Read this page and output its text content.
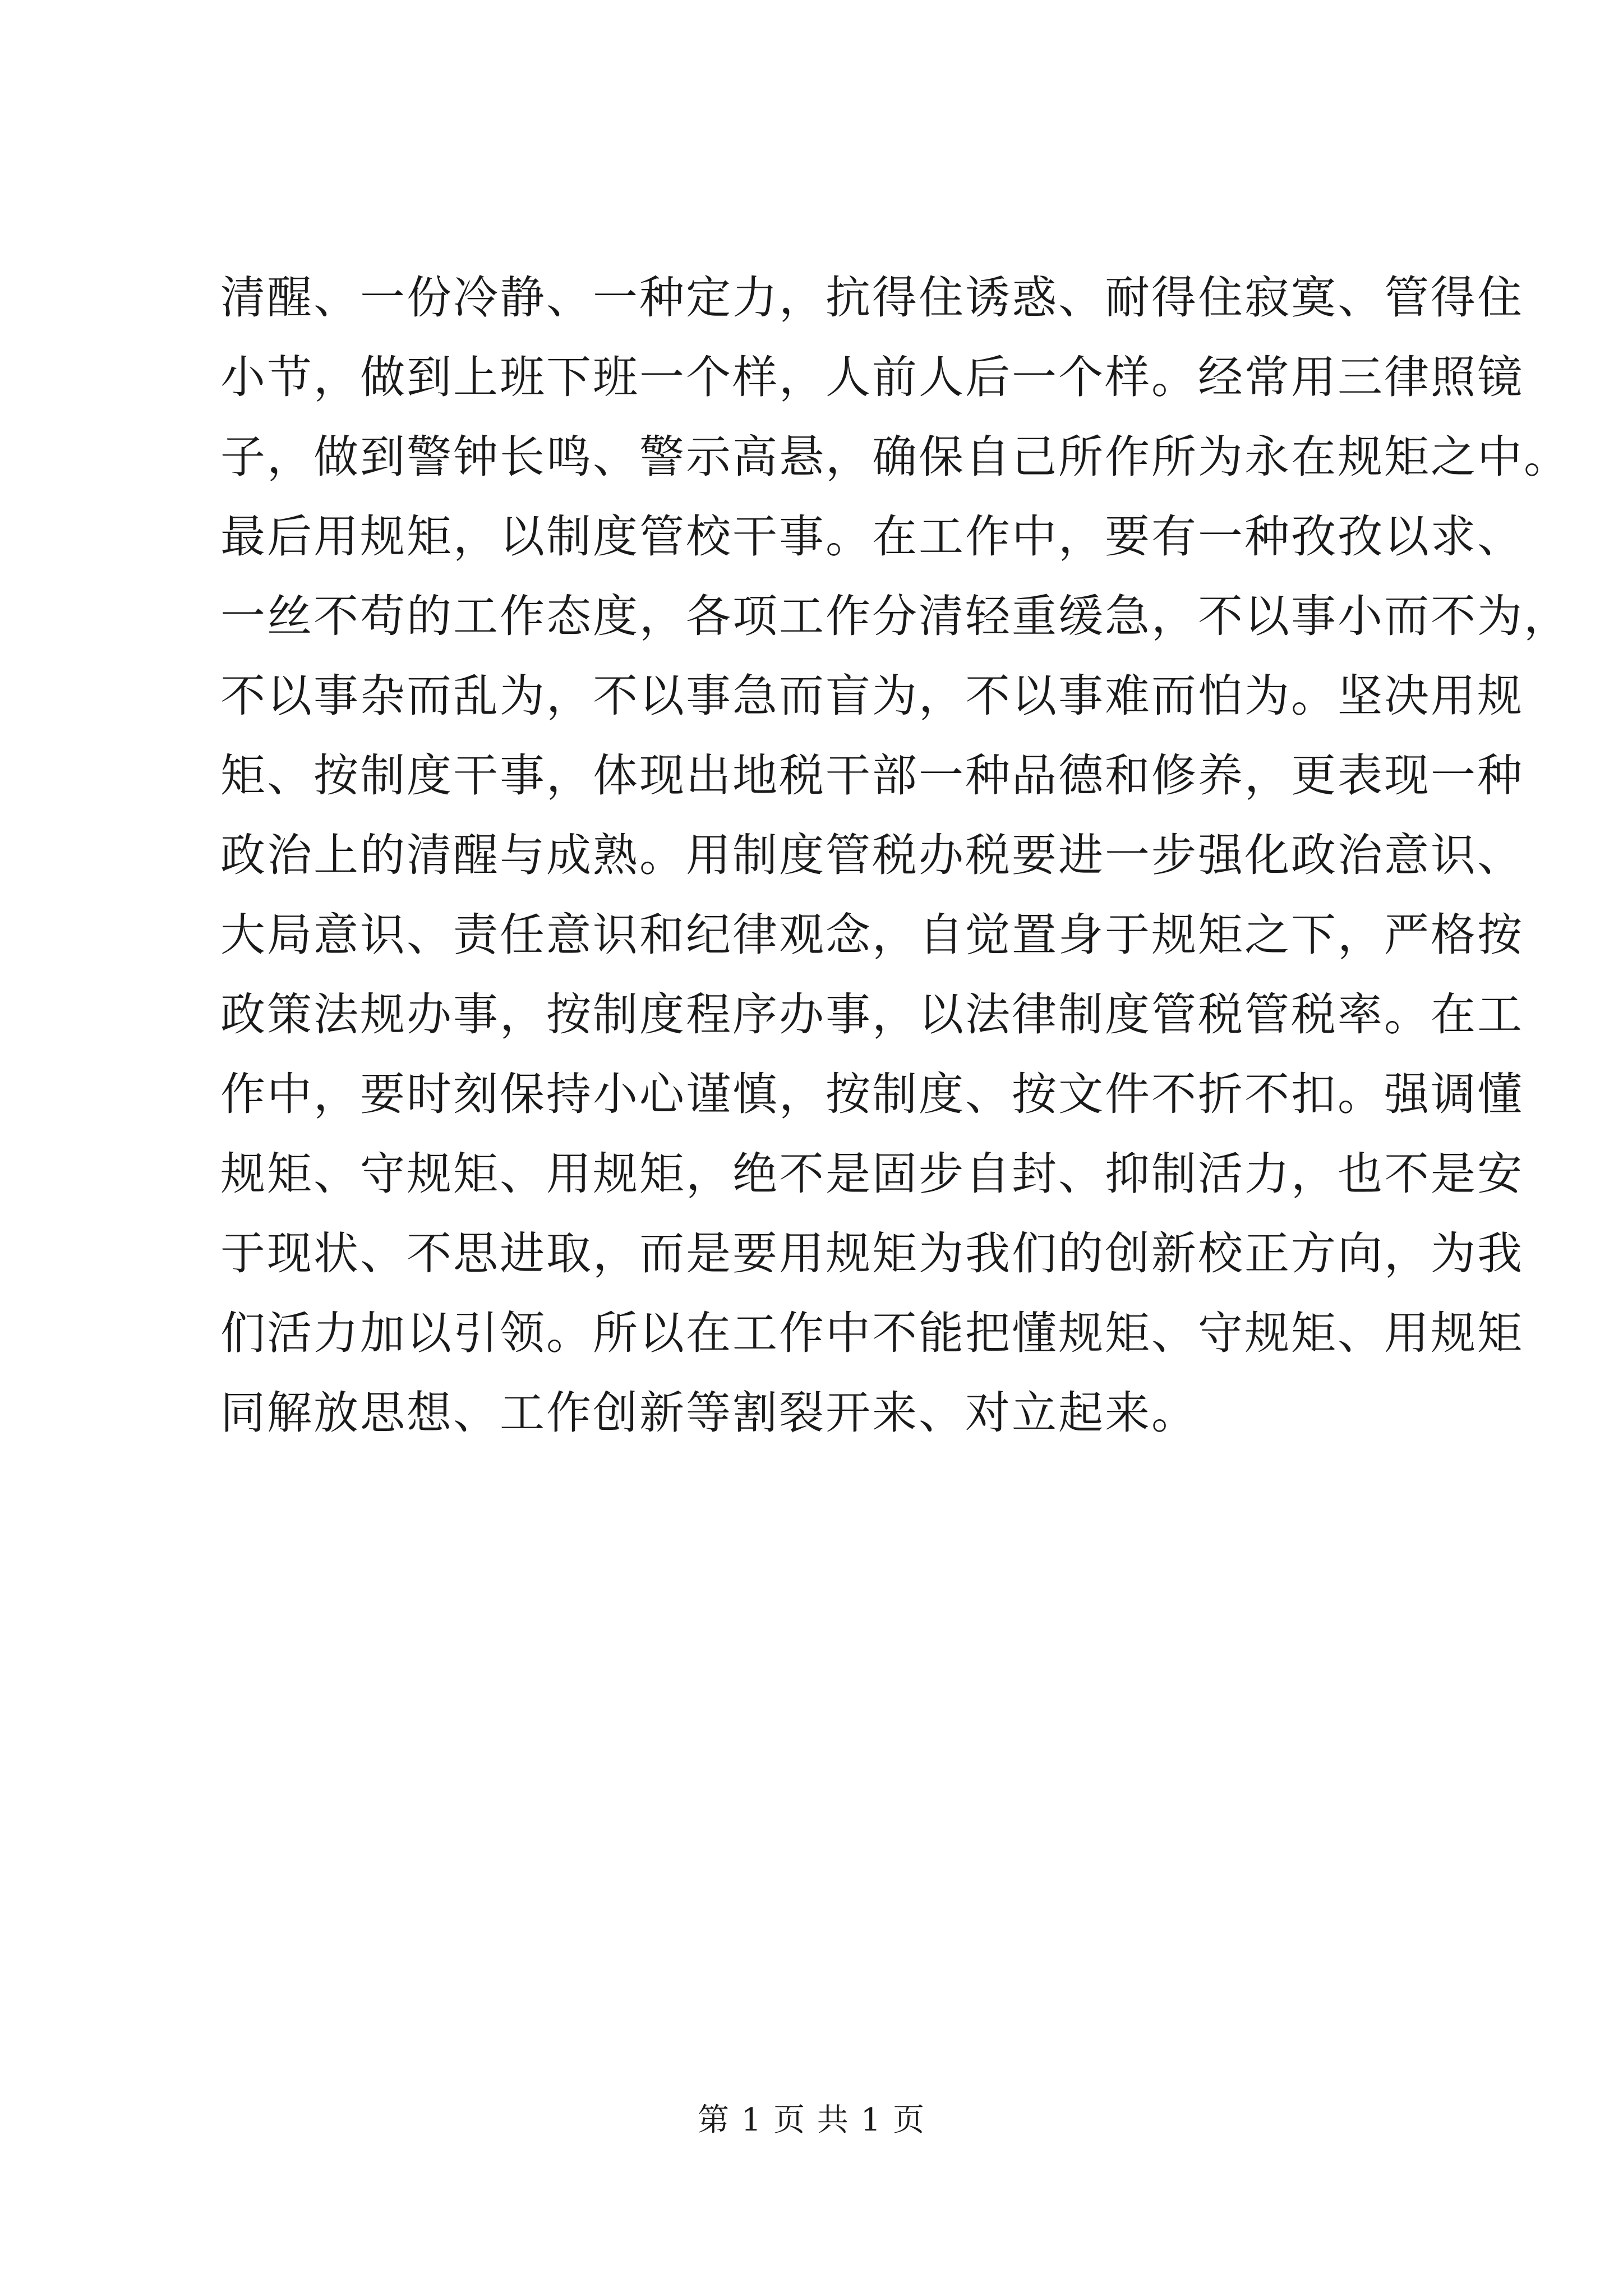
清醒、一份冷静、一种定力，抗得住诱惑、耐得住寂寞、管得住
小节，做到上班下班一个样，人前人后一个样。经常用三律照镜
子，做到警钟长鸣、警示高悬，确保自己所作所为永在规矩之中。
最后用规矩，以制度管校干事。在工作中，要有一种孜孜以求、
一丝不苟的工作态度，各项工作分清轻重缓急，不以事小而不为，
不以事杂而乱为，不以事急而盲为，不以事难而怕为。坚决用规
矩、按制度干事，体现出地税干部一种品德和修养，更表现一种
政治上的清醒与成熟。用制度管税办税要进一步强化政治意识、
大局意识、责任意识和纪律观念，自觉置身于规矩之下，严格按
政策法规办事，按制度程序办事，以法律制度管税管税率。在工
作中，要时刻保持小心谨慎，按制度、按文件不折不扣。强调懂
规矩、守规矩、用规矩，绝不是固步自封、抑制活力，也不是安
于现状、不思进取，而是要用规矩为我们的创新校正方向，为我
们活力加以引领。所以在工作中不能把懂规矩、守规矩、用规矩
同解放思想、工作创新等割裂开来、对立起来。
第 1 页 共 1 页
